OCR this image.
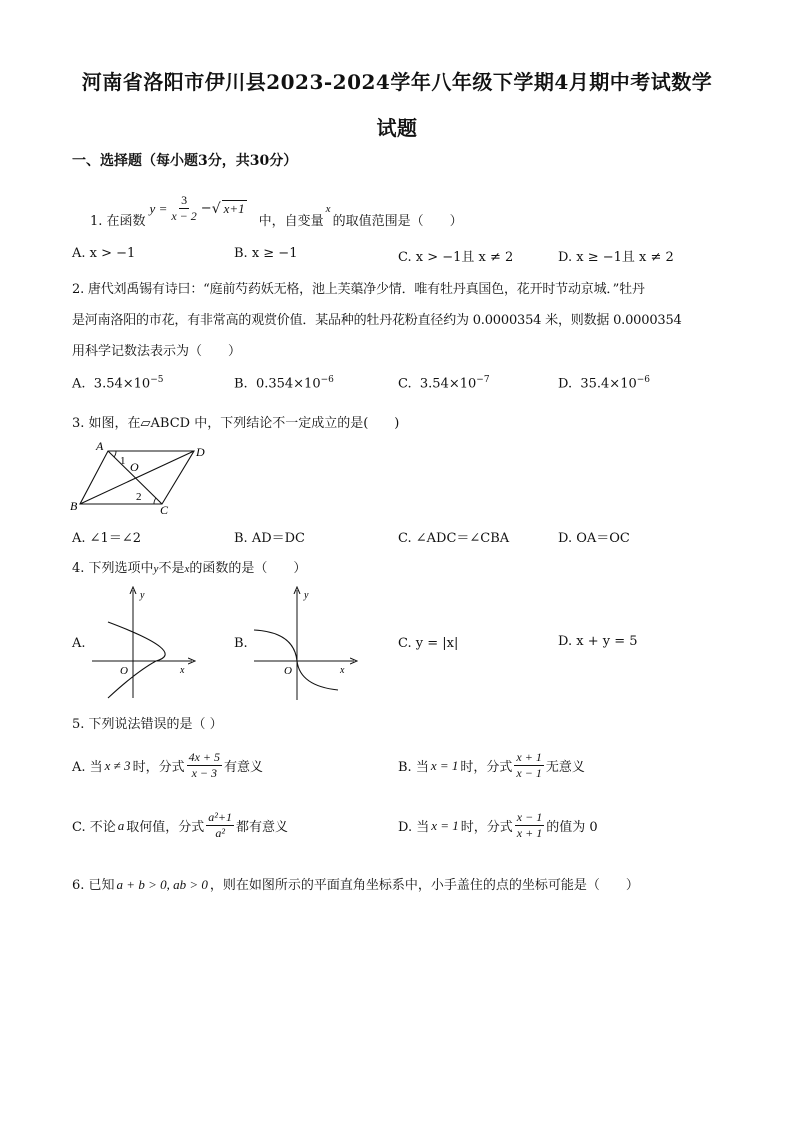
河南省洛阳市伊川县2023-2024学年八年级下学期4月期中考试数学
试题
一、选择题（每小题3分，共30分）
1. 在函数
$y = \frac{3}{x - 2}$ − √ x+1
中，自变量
x
的取值范围是（　　）
A. x > −1	B. x ≥ −1	C. x > −1且 x ≠ 2	D. x ≥ −1且 x ≠ 2
2. 唐代刘禹锡有诗曰：“庭前芍药妖无格，池上芙蕖净少情．唯有牡丹真国色，花开时节动京城．”牡丹
是河南洛阳的市花，有非常高的观赏价值．某品种的牡丹花粉直径约为 0.0000354 米，则数据 0.0000354
用科学记数法表示为（　　）
A. $3.54\times 10^{-5}$	B. $0.354\times 10^{-6}$	C. $3.54\times 10^{-7}$	D. $35.4\times 10^{-6}$
3. 如图，在▱ABCD 中，下列结论不一定成立的是(　　)
A	D
B	C
O
1
2
A. ∠1＝∠2	B. AD＝DC	C. ∠ADC＝∠CBA	D. OA＝OC
4. 下列选项中y不是x的函数的是（　　）
A.
y
x
O
B.
y
x
O
C. y = |x|	D. x + y = 5
5. 下列说法错误的是（ ）
A. 当 x ≠ 3 时，分式 $\frac{4x + 5}{x - 3}$ 有意义	B. 当 x = 1 时，分式 $\frac{x + 1}{x - 1}$ 无意义
C. 不论 a 取何值，分式 $\frac{\text{a²+1}}{\text{a²}}$ 都有意义	D. 当 x = 1 时，分式 $\frac{x - 1}{x + 1}$ 的值为 0
6. 已知 a + b > 0, ab > 0 ，则在如图所示的平面直角坐标系中，小手盖住的点的坐标可能是（　　）
